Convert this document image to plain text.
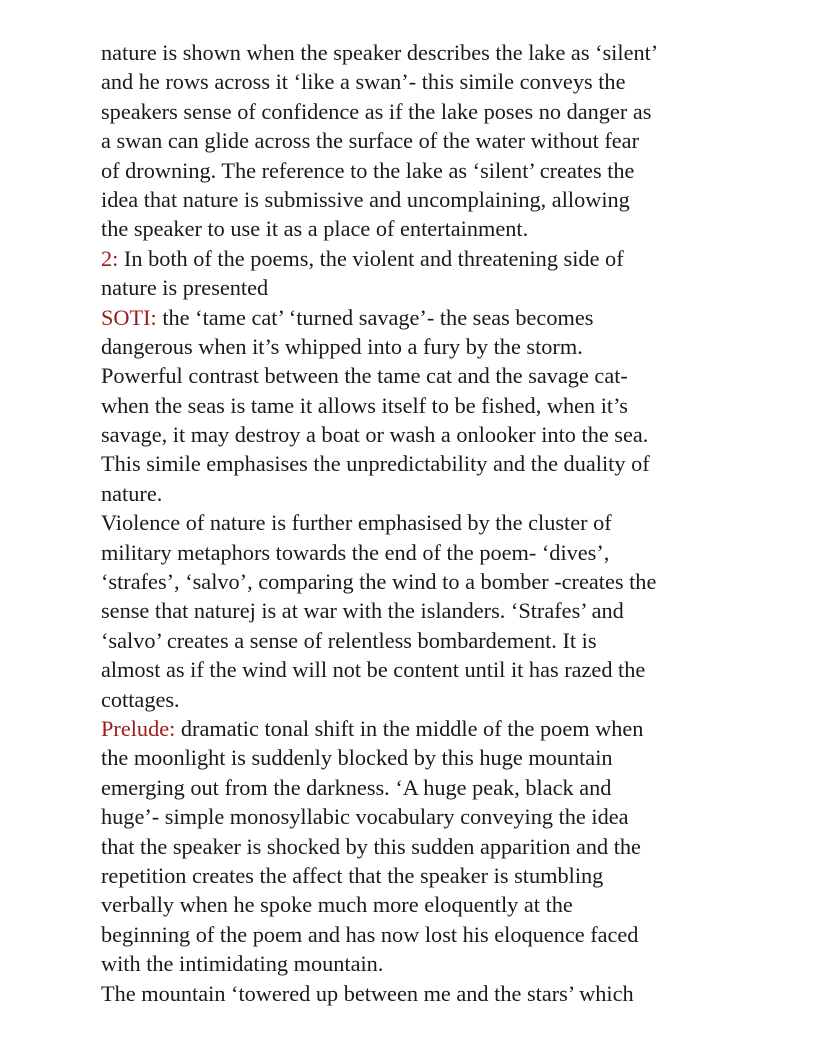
nature is shown when the speaker describes the lake as ‘silent’
and he rows across it ‘like a swan’- this simile conveys the
speakers sense of confidence as if the lake poses no danger as
a swan can glide across the surface of the water without fear
of drowning. The reference to the lake as ‘silent’ creates the
idea that nature is submissive and uncomplaining, allowing
the speaker to use it as a place of entertainment.
2: In both of the poems, the violent and threatening side of
nature is presented
SOTI: the ‘tame cat’ ‘turned savage’- the seas becomes
dangerous when it’s whipped into a fury by the storm.
Powerful contrast between the tame cat and the savage cat-
when the seas is tame it allows itself to be fished, when it’s
savage, it may destroy a boat or wash a onlooker into the sea.
This simile emphasises the unpredictability and the duality of
nature.
Violence of nature is further emphasised by the cluster of
military metaphors towards the end of the poem- ‘dives’,
‘strafes’, ‘salvo’, comparing the wind to a bomber -creates the
sense that naturej is at war with the islanders. ‘Strafes’ and
‘salvo’ creates a sense of relentless bombardement. It is
almost as if the wind will not be content until it has razed the
cottages.
Prelude: dramatic tonal shift in the middle of the poem when
the moonlight is suddenly blocked by this huge mountain
emerging out from the darkness. ‘A huge peak, black and
huge’- simple monosyllabic vocabulary conveying the idea
that the speaker is shocked by this sudden apparition and the
repetition creates the affect that the speaker is stumbling
verbally when he spoke much more eloquently at the
beginning of the poem and has now lost his eloquence faced
with the intimidating mountain.
The mountain ‘towered up between me and the stars’ which
